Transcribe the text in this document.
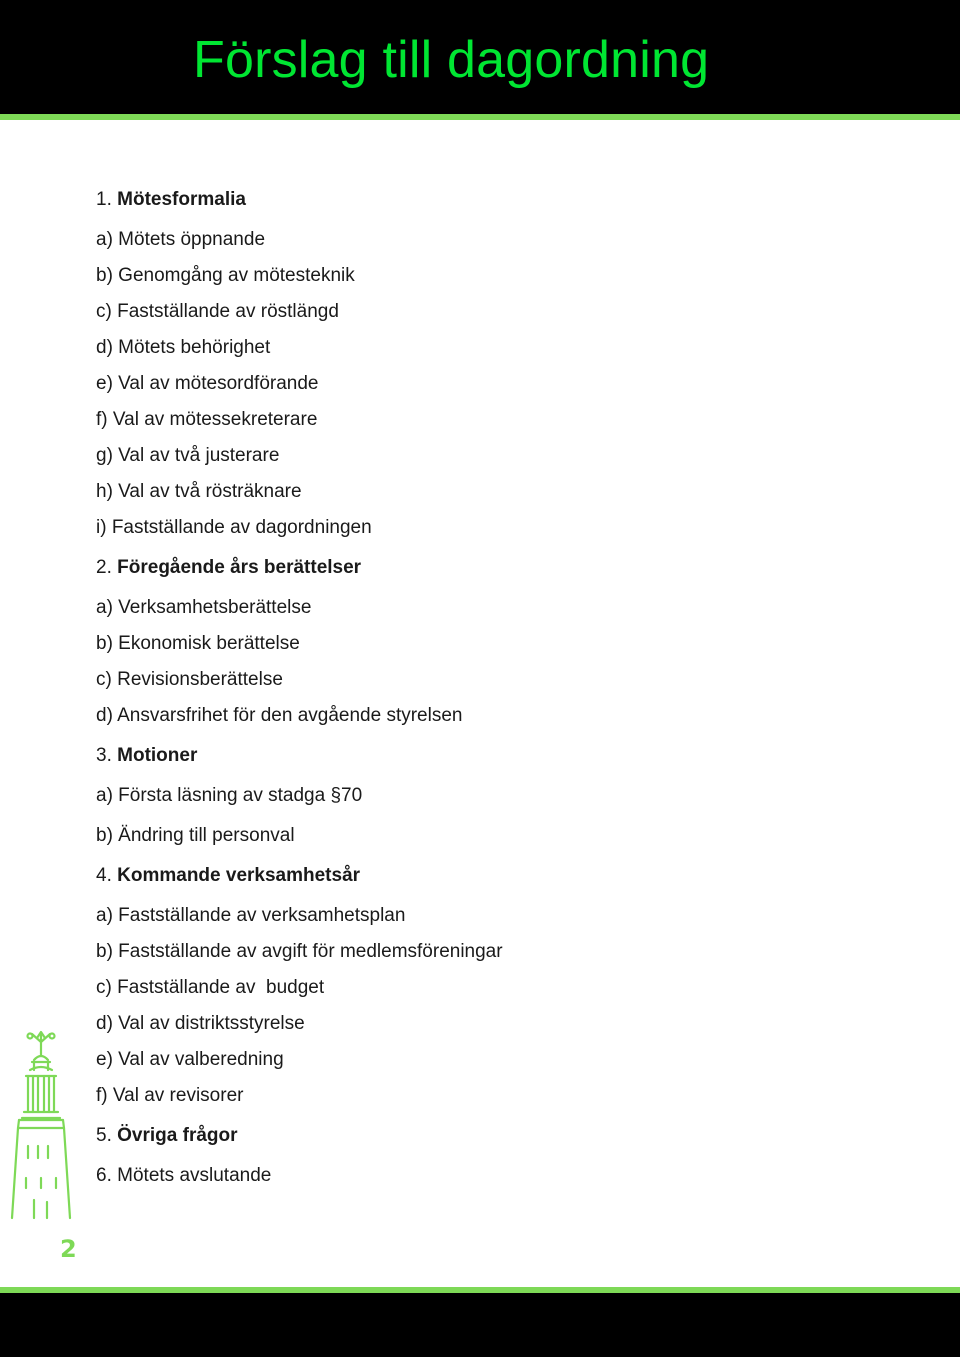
Förslag till dagordning
1. Mötesformalia
a) Mötets öppnande
b) Genomgång av mötesteknik
c) Fastställande av röstlängd
d) Mötets behörighet
e) Val av mötesordförande
f) Val av mötessekreterare
g) Val av två justerare
h) Val av två rösträknare
i) Fastställande av dagordningen
2. Föregående års berättelser
a) Verksamhetsberättelse
b) Ekonomisk berättelse
c) Revisionsberättelse
d) Ansvarsfrihet för den avgående styrelsen
3. Motioner
a) Första läsning av stadga §70
b) Ändring till personval
4. Kommande verksamhetsår
a) Fastställande av verksamhetsplan
b) Fastställande av avgift för medlemsföreningar
c) Fastställande av  budget
d) Val av distriktsstyrelse
e) Val av valberedning
f) Val av revisorer
5. Övriga frågor
6. Mötets avslutande
2
